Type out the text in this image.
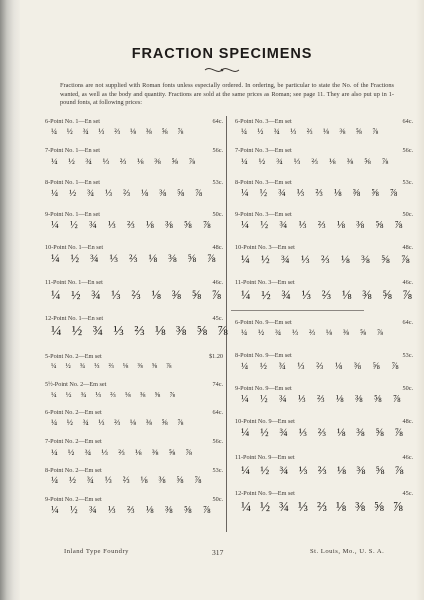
FRACTION SPECIMENS
Fractions are not supplied with Roman fonts unless especially ordered. In ordering, be particular to state the No. of the Fractions wanted, as well as the body and quantity. Fractions are sold at the same prices as Roman; see page 11. They are also put up in 1-pound fonts, at following prices:
6-Point No. 1—En set	64c.
¼ ½ ¾ ⅓ ⅔ ⅛ ⅜ ⅝ ⅞
7-Point No. 1—En set	56c.
¼ ½ ¾ ⅓ ⅔ ⅛ ⅜ ⅝ ⅞
8-Point No. 1—En set	53c.
¼ ½ ¾ ⅓ ⅔ ⅛ ⅜ ⅝ ⅞
9-Point No. 1—En set	50c.
¼ ½ ¾ ⅓ ⅔ ⅛ ⅜ ⅝ ⅞
10-Point No. 1—En set	48c.
¼ ½ ¾ ⅓ ⅔ ⅛ ⅜ ⅝ ⅞
11-Point No. 1—En set	46c.
¼ ½ ¾ ⅓ ⅔ ⅛ ⅜ ⅝ ⅞
12-Point No. 1—En set	45c.
¼ ½ ¾ ⅓ ⅔ ⅛ ⅜ ⅝ ⅞
5-Point No. 2—Em set	$1.20
¼ ½ ¾ ⅓ ⅔ ⅛ ⅜ ⅝ ⅞
5½-Point No. 2—Em set	74c.
¼ ½ ¾ ⅓ ⅔ ⅛ ⅜ ⅝ ⅞
6-Point No. 2—Em set	64c.
¼ ½ ¾ ⅓ ⅔ ⅛ ⅜ ⅝ ⅞
7-Point No. 2—Em set	56c.
¼ ½ ¾ ⅓ ⅔ ⅛ ⅜ ⅝ ⅞
8-Point No. 2—Em set	53c.
¼ ½ ¾ ⅓ ⅔ ⅛ ⅜ ⅝ ⅞
9-Point No. 2—Em set	50c.
¼ ½ ¾ ⅓ ⅔ ⅛ ⅜ ⅝ ⅞
6-Point No. 3—Em set	64c.
¼ ½ ¾ ⅓ ⅔ ⅛ ⅜ ⅝ ⅞
7-Point No. 3—Em set	56c.
¼ ½ ¾ ⅓ ⅔ ⅛ ⅜ ⅝ ⅞
8-Point No. 3—Em set	53c.
¼ ½ ¾ ⅓ ⅔ ⅛ ⅜ ⅝ ⅞
9-Point No. 3—Em set	50c.
¼ ½ ¾ ⅓ ⅔ ⅛ ⅜ ⅝ ⅞
10-Point No. 3—Em set	48c.
¼ ½ ¾ ⅓ ⅔ ⅛ ⅜ ⅝ ⅞
11-Point No. 3—Em set	46c.
¼ ½ ¾ ⅓ ⅔ ⅛ ⅜ ⅝ ⅞
6-Point No. 9—Em set	64c.
¼ ½ ¾ ⅓ ⅔ ⅛ ⅜ ⅝ ⅞
8-Point No. 9—Em set	53c.
¼ ½ ¾ ⅓ ⅔ ⅛ ⅜ ⅝ ⅞
9-Point No. 9—Em set	50c.
¼ ½ ¾ ⅓ ⅔ ⅛ ⅜ ⅝ ⅞
10-Point No. 9—Em set	48c.
¼ ½ ¾ ⅓ ⅔ ⅛ ⅜ ⅝ ⅞
11-Point No. 9—Em set	46c.
¼ ½ ¾ ⅓ ⅔ ⅛ ⅜ ⅝ ⅞
12-Point No. 9—Em set	45c.
¼ ½ ¾ ⅓ ⅔ ⅛ ⅜ ⅝ ⅞
Inland Type Foundry	317	St. Louis, Mo., U. S. A.
